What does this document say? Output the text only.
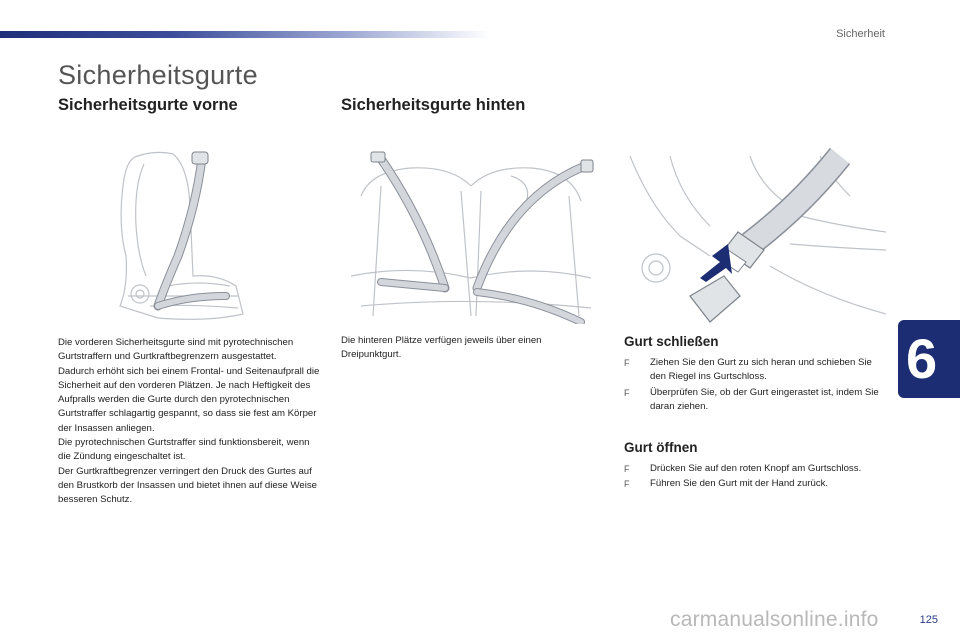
Sicherheit
Sicherheitsgurte
Sicherheitsgurte vorne	Sicherheitsgurte hinten

Die vorderen Sicherheitsgurte sind mit pyrotechnischen Gurtstraffern und Gurtkraftbegrenzern ausgestattet.

Dadurch erhöht sich bei einem Frontal- und Seitenaufprall die Sicherheit auf den vorderen Plätzen. Je nach Heftigkeit des Aufpralls werden die Gurte durch den pyrotechnischen Gurtstraffer schlagartig gespannt, so dass sie fest am Körper der Insassen anliegen.

Die pyrotechnischen Gurtstraffer sind funktionsbereit, wenn die Zündung eingeschaltet ist.

Der Gurtkraftbegrenzer verringert den Druck des Gurtes auf den Brustkorb der Insassen und bietet ihnen auf diese Weise besseren Schutz.

Die hinteren Plätze verfügen jeweils über einen Dreipunktgurt.
Gurt schließen
F Ziehen Sie den Gurt zu sich heran und schieben Sie den Riegel ins Gurtschloss.
F Überprüfen Sie, ob der Gurt eingerastet ist, indem Sie daran ziehen.
Gurt öffnen
F Drücken Sie auf den roten Knopf am Gurtschloss.
F Führen Sie den Gurt mit der Hand zurück.
6
carmanualsonline.info	125
